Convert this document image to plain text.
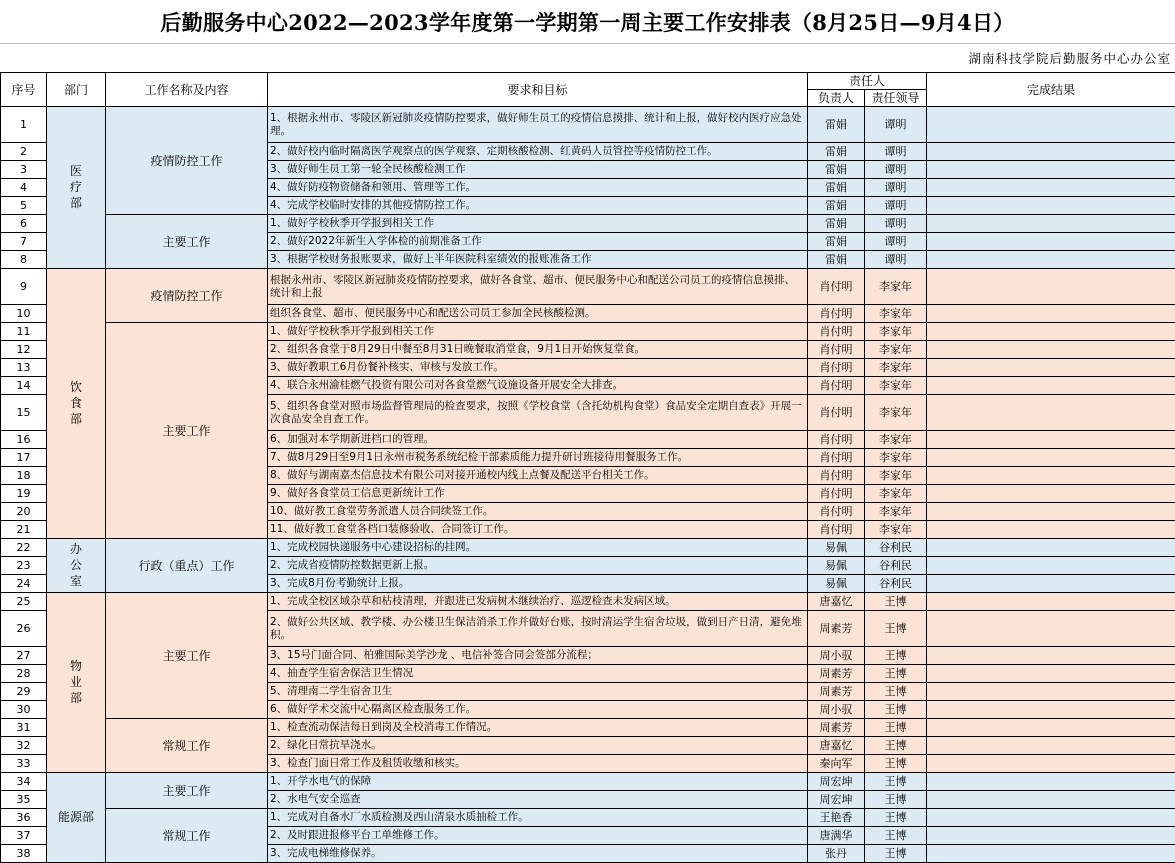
后勤服务中心2022—2023学年度第一学期第一周主要工作安排表（8月25日—9月4日）
湖南科技学院后勤服务中心办公室
序号	部门	工作名称及内容	要求和目标	责任人		完成结果
				负责人	责任领导	
1	医疗部	疫情防控工作	1、根据永州市、零陵区新冠肺炎疫情防控要求，做好师生员工的疫情信息摸排、统计和上报，做好校内医疗应急处理。	雷娟	谭明	
2			2、做好校内临时隔离医学观察点的医学观察、定期核酸检测、红黄码人员管控等疫情防控工作。	雷娟	谭明	
3			3、做好师生员工第一轮全民核酸检测工作	雷娟	谭明	
4			4、做好防疫物资储备和领用、管理等工作。	雷娟	谭明	
5			4、完成学校临时安排的其他疫情防控工作。	雷娟	谭明	
6		主要工作	1、做好学校秋季开学报到相关工作	雷娟	谭明	
7			2、做好2022年新生入学体检的前期准备工作	雷娟	谭明	
8			3、根据学校财务报账要求，做好上半年医院科室绩效的报账准备工作	雷娟	谭明	
9	饮食部	疫情防控工作	根据永州市、零陵区新冠肺炎疫情防控要求，做好各食堂、超市、便民服务中心和配送公司员工的疫情信息摸排、统计和上报	肖付明	李家年	
10			组织各食堂、超市、便民服务中心和配送公司员工参加全民核酸检测。	肖付明	李家年	
11		主要工作	1、做好学校秋季开学报到相关工作	肖付明	李家年	
12			2、组织各食堂于8月29日中餐至8月31日晚餐取消堂食，9月1日开始恢复堂食。	肖付明	李家年	
13			3、做好教职工6月份餐补核实、审核与发放工作。	肖付明	李家年	
14			4、联合永州渝桂燃气投资有限公司对各食堂燃气设施设备开展安全大排查。	肖付明	李家年	
15			5、组织各食堂对照市场监督管理局的检查要求，按照《学校食堂（含托幼机构食堂）食品安全定期自查表》开展一次食品安全自查工作。	肖付明	李家年	
16			6、加强对本学期新进档口的管理。	肖付明	李家年	
17			7、做8月29日至9月1日永州市税务系统纪检干部素质能力提升研讨班接待用餐服务工作。	肖付明	李家年	
18			8、做好与湖南嘉杰信息技术有限公司对接开通校内线上点餐及配送平台相关工作。	肖付明	李家年	
19			9、做好各食堂员工信息更新统计工作	肖付明	李家年	
20			10、做好教工食堂劳务派遣人员合同续签工作。	肖付明	李家年	
21			11、做好教工食堂各档口装修验收、合同签订工作。	肖付明	李家年	
22	办公室	行政（重点）工作	1、完成校园快递服务中心建设招标的挂网。	易佩	谷利民	
23			2、完成省疫情防控数据更新上报。	易佩	谷利民	
24			3、完成8月份考勤统计上报。	易佩	谷利民	
25	物业部	主要工作	1、完成全校区域杂草和枯枝清理，并跟进已发病树木继续治疗、巡逻检查未发病区域。	唐嘉忆	王博	
26			2、做好公共区域、教学楼、办公楼卫生保洁消杀工作并做好台账，按时清运学生宿舍垃圾，做到日产日清，避免堆积。	周素芳	王博	
27			3、15号门面合同、柏雅国际美学沙龙 、电信补签合同会签部分流程；	周小驭	王博	
28			4、抽查学生宿舍保洁卫生情况	周素芳	王博	
29			5、清理南二学生宿舍卫生	周素芳	王博	
30			6、做好学术交流中心隔离区检查服务工作。	周小驭	王博	
31		常规工作	1、检查流动保洁每日到岗及全校消毒工作情况。	周素芳	王博	
32			2、绿化日常抗旱浇水。	唐嘉忆	王博	
33			3、检查门面日常工作及租赁收缴和核实。	秦向军	王博	
34	能源部	主要工作	1、开学水电气的保障	周宏坤	王博	
35			2、水电气安全巡查	周宏坤	王博	
36		常规工作	1、完成对自备水厂水质检测及西山清泉水质抽检工作。	王艳香	王博	
37			2、及时跟进报修平台工单维修工作。	唐满华	王博	
38			3、完成电梯维修保养。	张丹	王博	
